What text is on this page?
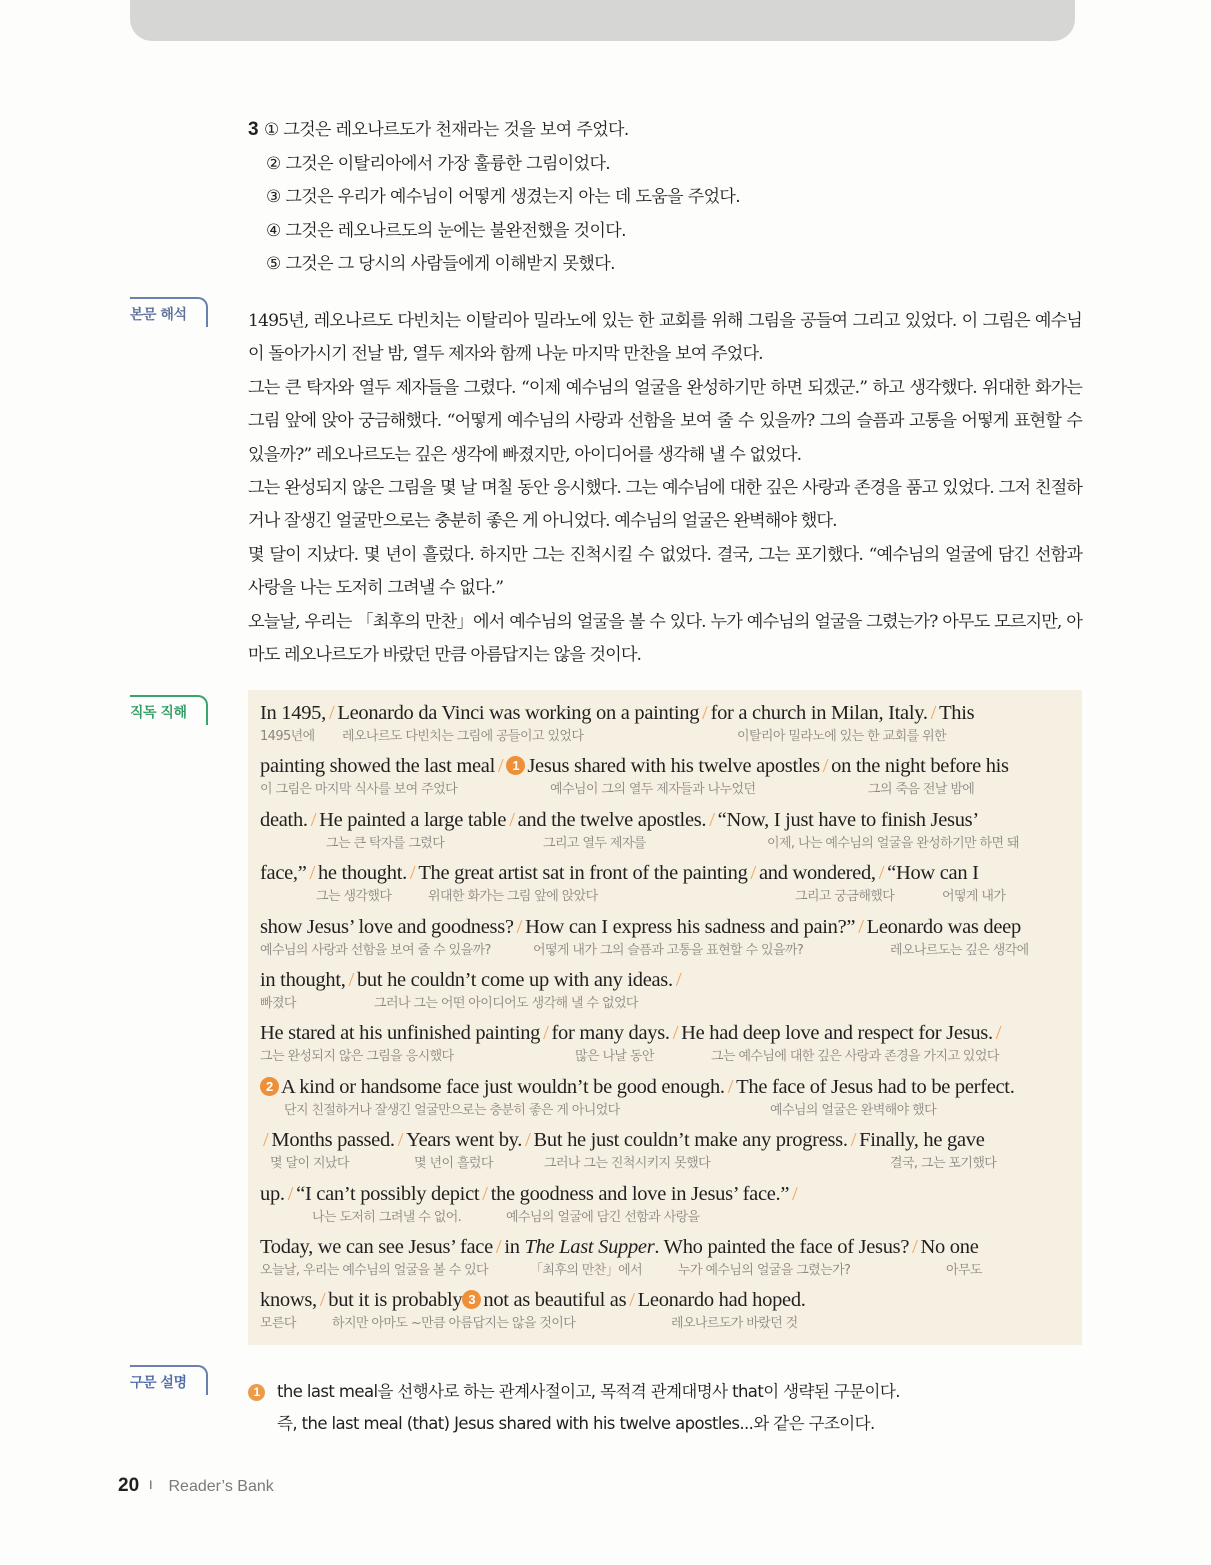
3 ① 그것은 레오나르도가 천재라는 것을 보여 주었다.
② 그것은 이탈리아에서 가장 훌륭한 그림이었다.
③ 그것은 우리가 예수님이 어떻게 생겼는지 아는 데 도움을 주었다.
④ 그것은 레오나르도의 눈에는 불완전했을 것이다.
⑤ 그것은 그 당시의 사람들에게 이해받지 못했다.
본문 해석	1495년, 레오나르도 다빈치는 이탈리아 밀라노에 있는 한 교회를 위해 그림을 공들여 그리고 있었다. 이 그림은 예수님이 돌아가시기 전날 밤, 열두 제자와 함께 나눈 마지막 만찬을 보여 주었다.

그는 큰 탁자와 열두 제자들을 그렸다. “이제 예수님의 얼굴을 완성하기만 하면 되겠군.” 하고 생각했다. 위대한 화가는 그림 앞에 앉아 궁금해했다. “어떻게 예수님의 사랑과 선함을 보여 줄 수 있을까? 그의 슬픔과 고통을 어떻게 표현할 수 있을까?” 레오나르도는 깊은 생각에 빠졌지만, 아이디어를 생각해 낼 수 없었다.

그는 완성되지 않은 그림을 몇 날 며칠 동안 응시했다. 그는 예수님에 대한 깊은 사랑과 존경을 품고 있었다. 그저 친절하거나 잘생긴 얼굴만으로는 충분히 좋은 게 아니었다. 예수님의 얼굴은 완벽해야 했다.

몇 달이 지났다. 몇 년이 흘렀다. 하지만 그는 진척시킬 수 없었다. 결국, 그는 포기했다. “예수님의 얼굴에 담긴 선함과 사랑을 나는 도저히 그려낼 수 없다.”

오늘날, 우리는 「최후의 만찬」에서 예수님의 얼굴을 볼 수 있다. 누가 예수님의 얼굴을 그렸는가? 아무도 모르지만, 아마도 레오나르도가 바랐던 만큼 아름답지는 않을 것이다.

직독 직해	In 1495, / Leonardo da Vinci was working on a painting / for a church in Milan, Italy. / This
1495년에 레오나르도 다빈치는 그림에 공들이고 있었다	이탈리아 밀라노에 있는 한 교회를 위한
painting showed the last meal / 1 Jesus shared with his twelve apostles / on the night before his
이 그림은 마지막 식사를 보여 주었다	예수님이 그의 열두 제자들과 나누었던	그의 죽음 전날 밤에
death. / He painted a large table / and the twelve apostles. / “Now, I just have to finish Jesus’
그는 큰 탁자를 그렸다	그리고 열두 제자를	이제, 나는 예수님의 얼굴을 완성하기만 하면 돼
face,” / he thought. / The great artist sat in front of the painting / and wondered, / “How can I
그는 생각했다	위대한 화가는 그림 앞에 앉았다	그리고 궁금해했다	어떻게 내가
show Jesus’ love and goodness? / How can I express his sadness and pain?” / Leonardo was deep
예수님의 사랑과 선함을 보여 줄 수 있을까?	어떻게 내가 그의 슬픔과 고통을 표현할 수 있을까?	레오나르도는 깊은 생각에
in thought, / but he couldn’t come up with any ideas. /
빠졌다	그러나 그는 어떤 아이디어도 생각해 낼 수 없었다
He stared at his unfinished painting / for many days. / He had deep love and respect for Jesus. /
그는 완성되지 않은 그림을 응시했다	많은 나날 동안	그는 예수님에 대한 깊은 사랑과 존경을 가지고 있었다
2 A kind or handsome face just wouldn’t be good enough. / The face of Jesus had to be perfect.
단지 친절하거나 잘생긴 얼굴만으로는 충분히 좋은 게 아니었다	예수님의 얼굴은 완벽해야 했다
/ Months passed. / Years went by. / But he just couldn’t make any progress. / Finally, he gave
몇 달이 지났다	몇 년이 흘렀다	그러나 그는 진척시키지 못했다	결국, 그는 포기했다
up. / “I can’t possibly depict / the goodness and love in Jesus’ face.” /
나는 도저히 그려낼 수 없어.	예수님의 얼굴에 담긴 선함과 사랑을
Today, we can see Jesus’ face / in The Last Supper. Who painted the face of Jesus? / No one
오늘날, 우리는 예수님의 얼굴을 볼 수 있다	「최후의 만찬」에서	누가 예수님의 얼굴을 그렸는가?	아무도
knows, / but it is probably 3 not as beautiful as / Leonardo had hoped.
모른다	하지만 아마도 ~만큼 아름답지는 않을 것이다	레오나르도가 바랐던 것
구문 설명
1 the last meal을 선행사로 하는 관계사절이고, 목적격 관계대명사 that이 생략된 구문이다.
즉, the last meal (that) Jesus shared with his twelve apostles...와 같은 구조이다.
20 I Reader’s Bank
